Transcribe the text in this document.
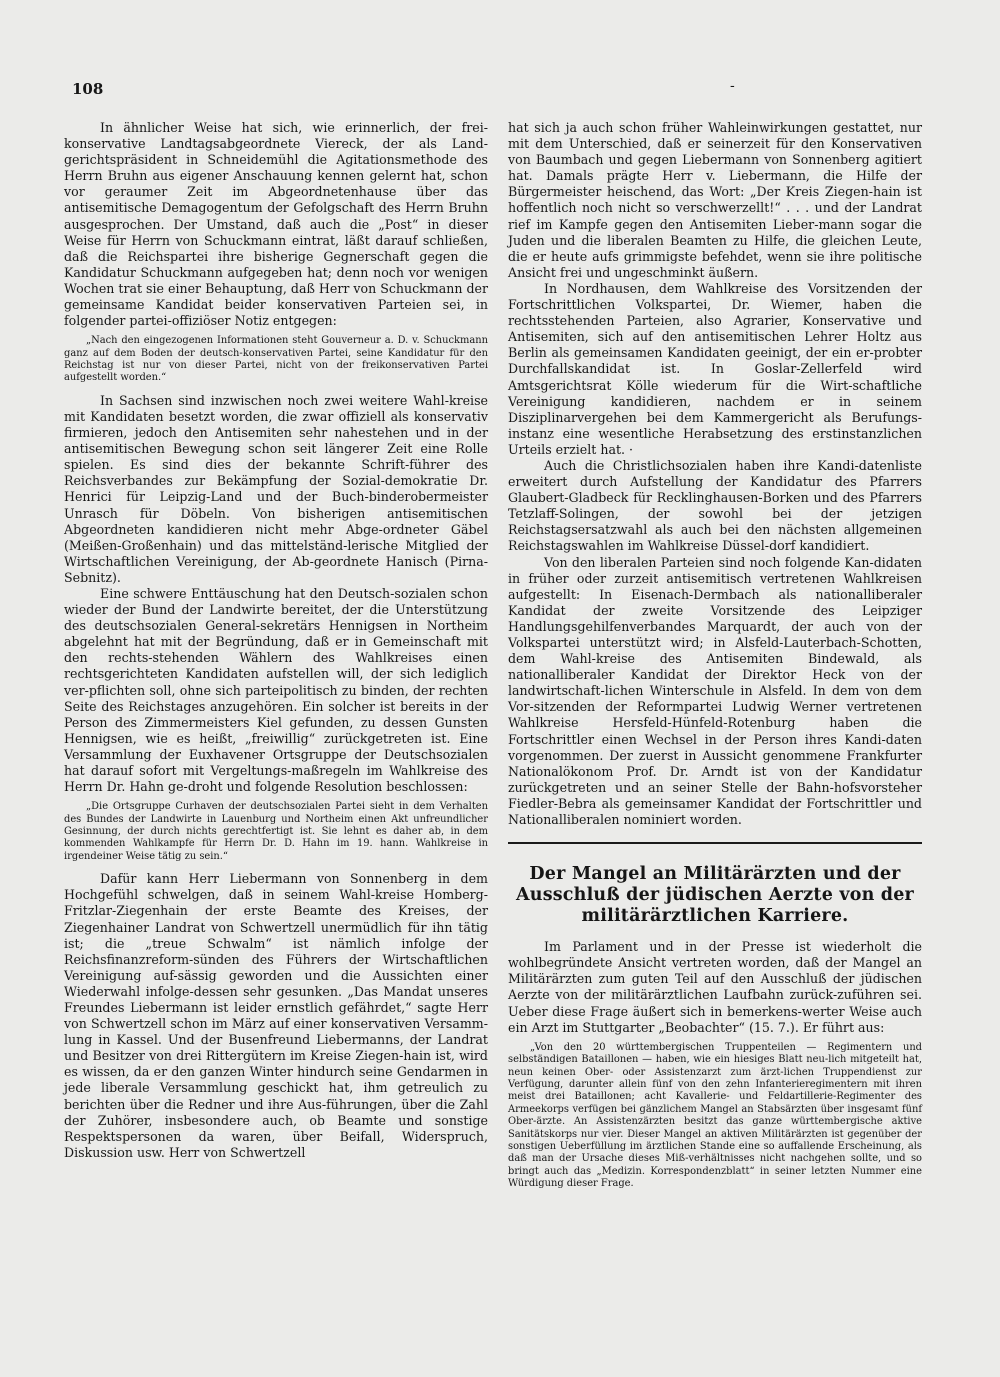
108	-

In ähnlicher Weise hat sich, wie erinnerlich, der frei-konservative Landtagsabgeordnete Viereck, der als Land-gerichtspräsident in Schneidemühl die Agitationsmethode des Herrn Bruhn aus eigener Anschauung kennen gelernt hat, schon vor geraumer Zeit im Abgeordnetenhause über das antisemitische Demagogentum der Gefolgschaft des Herrn Bruhn ausgesprochen. Der Umstand, daß auch die „Post“ in dieser Weise für Herrn von Schuckmann eintrat, läßt darauf schließen, daß die Reichspartei ihre bisherige Gegnerschaft gegen die Kandidatur Schuckmann aufgegeben hat; denn noch vor wenigen Wochen trat sie einer Behauptung, daß Herr von Schuckmann der gemeinsame Kandidat beider konservativen Parteien sei, in folgender partei-offiziöser Notiz entgegen:

„Nach den eingezogenen Informationen steht Gouverneur a. D. v. Schuckmann ganz auf dem Boden der deutsch-konservativen Partei, seine Kandidatur für den Reichstag ist nur von dieser Partei, nicht von der freikonservativen Partei aufgestellt worden.“

In Sachsen sind inzwischen noch zwei weitere Wahl-kreise mit Kandidaten besetzt worden, die zwar offiziell als konservativ firmieren, jedoch den Antisemiten sehr nahestehen und in der antisemitischen Bewegung schon seit längerer Zeit eine Rolle spielen. Es sind dies der bekannte Schrift-führer des Reichsverbandes zur Bekämpfung der Sozial-demokratie Dr. Henrici für Leipzig-Land und der Buch-binderobermeister Unrasch für Döbeln. Von bisherigen antisemitischen Abgeordneten kandidieren nicht mehr Abge-ordneter Gäbel (Meißen-Großenhain) und das mittelständ-lerische Mitglied der Wirtschaftlichen Vereinigung, der Ab-geordnete Hanisch (Pirna-Sebnitz).

Eine schwere Enttäuschung hat den Deutsch-sozialen schon wieder der Bund der Landwirte bereitet, der die Unterstützung des deutschsozialen General-sekretärs Hennigsen in Northeim abgelehnt hat mit der Begründung, daß er in Gemeinschaft mit den rechts-stehenden Wählern des Wahlkreises einen rechtsgerichteten Kandidaten aufstellen will, der sich lediglich ver-pflichten soll, ohne sich parteipolitisch zu binden, der rechten Seite des Reichstages anzugehören. Ein solcher ist bereits in der Person des Zimmermeisters Kiel gefunden, zu dessen Gunsten Hennigsen, wie es heißt, „freiwillig“ zurückgetreten ist. Eine Versammlung der Euxhavener Ortsgruppe der Deutschsozialen hat darauf sofort mit Vergeltungs-maßregeln im Wahlkreise des Herrn Dr. Hahn ge-droht und folgende Resolution beschlossen:

„Die Ortsgruppe Curhaven der deutschsozialen Partei sieht in dem Verhalten des Bundes der Landwirte in Lauenburg und Northeim einen Akt unfreundlicher Gesinnung, der durch nichts gerechtfertigt ist. Sie lehnt es daher ab, in dem kommenden Wahlkampfe für Herrn Dr. D. Hahn im 19. hann. Wahlkreise in irgendeiner Weise tätig zu sein.“

Dafür kann Herr Liebermann von Sonnenberg in dem Hochgefühl schwelgen, daß in seinem Wahl-kreise Homberg-Fritzlar-Ziegenhain der erste Beamte des Kreises, der Ziegenhainer Landrat von Schwertzell unermüdlich für ihn tätig ist; die „treue Schwalm“ ist nämlich infolge der Reichsfinanzreform-sünden des Führers der Wirtschaftlichen Vereinigung auf-sässig geworden und die Aussichten einer Wiederwahl infolge-dessen sehr gesunken. „Das Mandat unseres Freundes Liebermann ist leider ernstlich gefährdet,“ sagte Herr von Schwertzell schon im März auf einer konservativen Versamm-lung in Kassel. Und der Busenfreund Liebermanns, der Landrat und Besitzer von drei Rittergütern im Kreise Ziegen-hain ist, wird es wissen, da er den ganzen Winter hindurch seine Gendarmen in jede liberale Versammlung geschickt hat, ihm getreulich zu berichten über die Redner und ihre Aus-führungen, über die Zahl der Zuhörer, insbesondere auch, ob Beamte und sonstige Respektspersonen da waren, über Beifall, Widerspruch, Diskussion usw. Herr von Schwertzell

hat sich ja auch schon früher Wahleinwirkungen gestattet, nur mit dem Unterschied, daß er seinerzeit für den Konservativen von Baumbach und gegen Liebermann von Sonnenberg agitiert hat. Damals prägte Herr v. Liebermann, die Hilfe der Bürgermeister heischend, das Wort: „Der Kreis Ziegen-hain ist hoffentlich noch nicht so verschwerzellt!“ . . . und der Landrat rief im Kampfe gegen den Antisemiten Lieber-mann sogar die Juden und die liberalen Beamten zu Hilfe, die gleichen Leute, die er heute aufs grimmigste befehdet, wenn sie ihre politische Ansicht frei und ungeschminkt äußern.

In Nordhausen, dem Wahlkreise des Vorsitzenden der Fortschrittlichen Volkspartei, Dr. Wiemer, haben die rechtsstehenden Parteien, also Agrarier, Konservative und Antisemiten, sich auf den antisemitischen Lehrer Holtz aus Berlin als gemeinsamen Kandidaten geeinigt, der ein er-probter Durchfallskandidat ist. In Goslar-Zellerfeld wird Amtsgerichtsrat Kölle wiederum für die Wirt-schaftliche Vereinigung kandidieren, nachdem er in seinem Disziplinarvergehen bei dem Kammergericht als Berufungs-instanz eine wesentliche Herabsetzung des erstinstanzlichen Urteils erzielt hat. ·

Auch die Christlichsozialen haben ihre Kandi-datenliste erweitert durch Aufstellung der Kandidatur des Pfarrers Glaubert-Gladbeck für Recklinghausen-Borken und des Pfarrers Tetzlaff-Solingen, der sowohl bei der jetzigen Reichstagsersatzwahl als auch bei den nächsten allgemeinen Reichstagswahlen im Wahlkreise Düssel-dorf kandidiert.

Von den liberalen Parteien sind noch folgende Kan-didaten in früher oder zurzeit antisemitisch vertretenen Wahlkreisen aufgestellt: In Eisenach-Dermbach als nationalliberaler Kandidat der zweite Vorsitzende des Leipziger Handlungsgehilfenverbandes Marquardt, der auch von der Volkspartei unterstützt wird; in Alsfeld-Lauterbach-Schotten, dem Wahl-kreise des Antisemiten Bindewald, als nationalliberaler Kandidat der Direktor Heck von der landwirtschaft-lichen Winterschule in Alsfeld. In dem von dem Vor-sitzenden der Reformpartei Ludwig Werner vertretenen Wahlkreise Hersfeld-Hünfeld-Rotenburg haben die Fortschrittler einen Wechsel in der Person ihres Kandi-daten vorgenommen. Der zuerst in Aussicht genommene Frankfurter Nationalökonom Prof. Dr. Arndt ist von der Kandidatur zurückgetreten und an seiner Stelle der Bahn-hofsvorsteher Fiedler-Bebra als gemeinsamer Kandidat der Fortschrittler und Nationalliberalen nominiert worden.

Der Mangel an Militärärzten und der Ausschluß der jüdischen Aerzte von der militärärztlichen Karriere.

Im Parlament und in der Presse ist wiederholt die wohlbegründete Ansicht vertreten worden, daß der Mangel an Militärärzten zum guten Teil auf den Ausschluß der jüdischen Aerzte von der militärärztlichen Laufbahn zurück-zuführen sei. Ueber diese Frage äußert sich in bemerkens-werter Weise auch ein Arzt im Stuttgarter „Beobachter“ (15. 7.). Er führt aus:

„Von den 20 württembergischen Truppenteilen — Regimentern und selbständigen Bataillonen — haben, wie ein hiesiges Blatt neu-lich mitgeteilt hat, neun keinen Ober- oder Assistenzarzt zum ärzt-lichen Truppendienst zur Verfügung, darunter allein fünf von den zehn Infanterieregimentern mit ihren meist drei Bataillonen; acht Kavallerie- und Feldartillerie-Regimenter des Armeekorps verfügen bei gänzlichem Mangel an Stabsärzten über insgesamt fünf Ober-ärzte. An Assistenzärzten besitzt das ganze württembergische aktive Sanitätskorps nur vier. Dieser Mangel an aktiven Militärärzten ist gegenüber der sonstigen Ueberfüllung im ärztlichen Stande eine so auffallende Erscheinung, als daß man der Ursache dieses Miß-verhältnisses nicht nachgehen sollte, und so bringt auch das „Medizin. Korrespondenzblatt“ in seiner letzten Nummer eine Würdigung dieser Frage.
